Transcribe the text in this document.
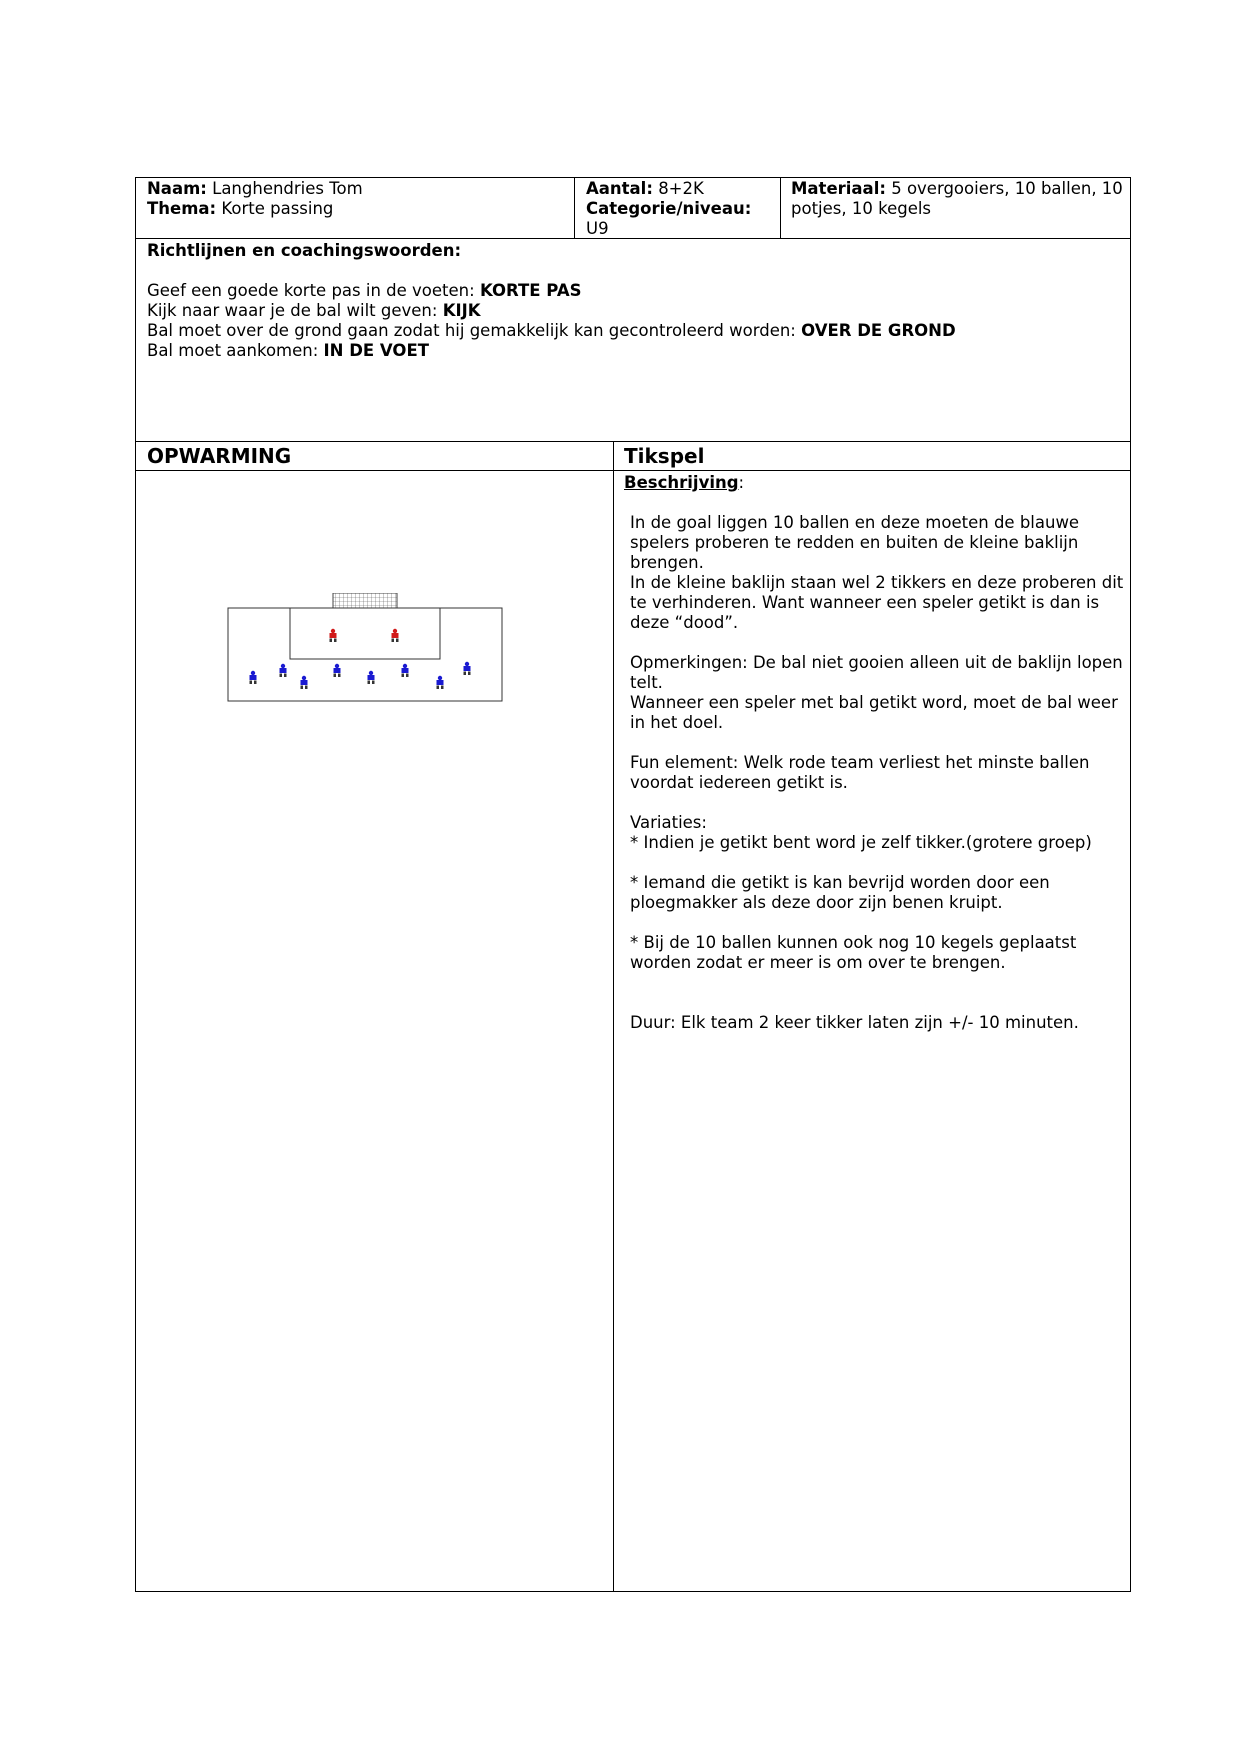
Naam: Langhendries Tom
Thema: Korte passing
Aantal: 8+2K
Categorie/niveau:
U9
Materiaal: 5 overgooiers, 10 ballen, 10 potjes, 10 kegels
Richtlijnen en coachingswoorden:
Geef een goede korte pas in de voeten: KORTE PAS
Kijk naar waar je de bal wilt geven: KIJK
Bal moet over de grond gaan zodat hij gemakkelijk kan gecontroleerd worden: OVER DE GROND
Bal moet aankomen: IN DE VOET
OPWARMING	Tikspel
Beschrijving:

In de goal liggen 10 ballen en deze moeten de blauwe spelers proberen te redden en buiten de kleine baklijn brengen.

In de kleine baklijn staan wel 2 tikkers en deze proberen dit te verhinderen. Want wanneer een speler getikt is dan is deze “dood”.

Opmerkingen: De bal niet gooien alleen uit de baklijn lopen telt.

Wanneer een speler met bal getikt word, moet de bal weer in het doel.

Fun element: Welk rode team verliest het minste ballen voordat iedereen getikt is.

Variaties:

* Indien je getikt bent word je zelf tikker.(grotere groep)

* Iemand die getikt is kan bevrijd worden door een ploegmakker als deze door zijn benen kruipt.

* Bij de 10 ballen kunnen ook nog 10 kegels geplaatst worden zodat er meer is om over te brengen.

Duur: Elk team 2 keer tikker laten zijn +/- 10 minuten.
